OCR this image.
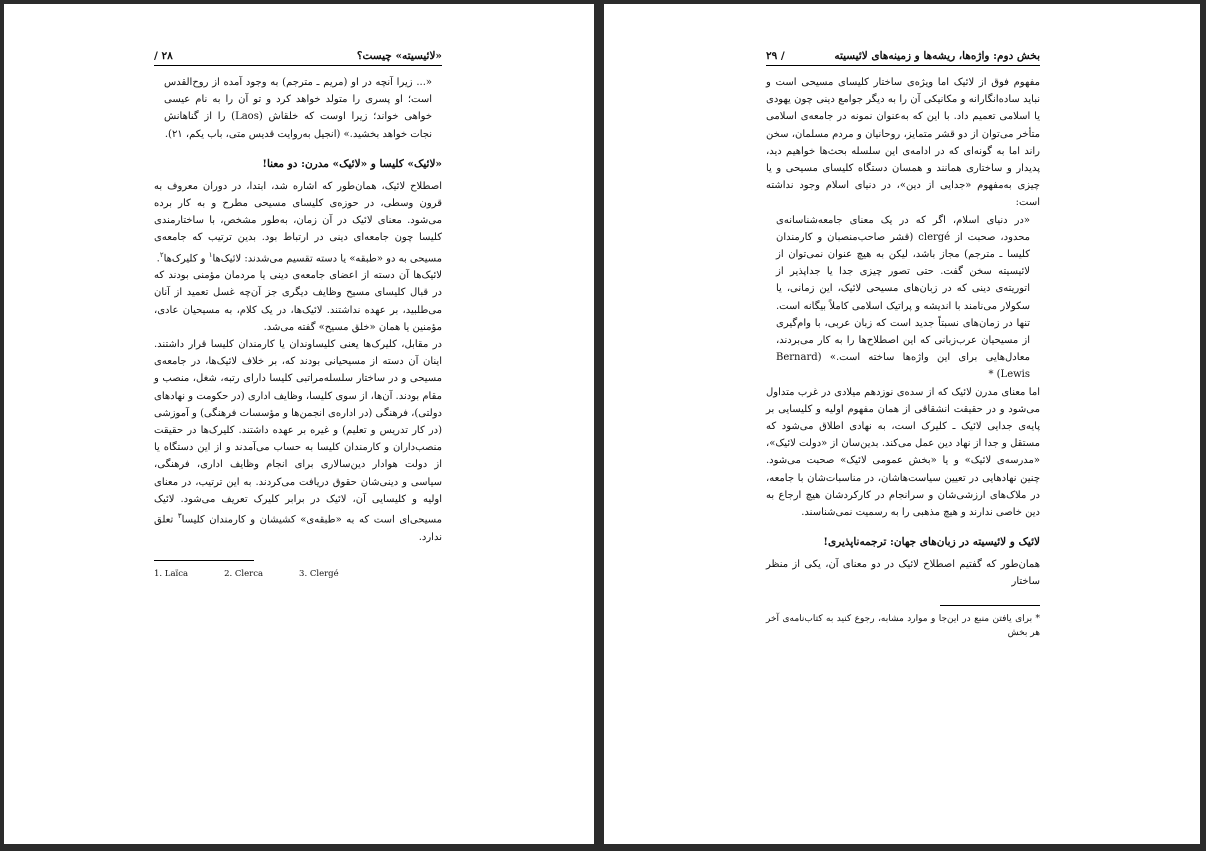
«لائیسیته» چیست؟
۲۸ /

«... زیرا آنچه در او (مریم ـ مترجم) به وجود آمده از روح‌القدس است؛ او پسری را متولد خواهد کرد و تو آن را به نام عیسی خواهی خواند؛ زیرا اوست که خلقاش (Laos) را از گناهانش نجات خواهد بخشید.» (انجیل به‌روایت قدیس متی، باب یکم، ۲۱).

«لائیک» کلیسا و «لائیک» مدرن: دو معنا!

اصطلاح لائیک، همان‌طور که اشاره شد، ابتدا، در دوران معروف به قرون وسطی، در حوزه‌ی کلیسای مسیحی مطرح و به کار برده می‌شود. معنای لائیک در آن زمان، به‌طور مشخص، با ساختارمندی کلیسا چون جامعه‌ای دینی در ارتباط بود. بدین ترتیب که جامعه‌ی مسیحی به دو «طبقه» یا دسته تقسیم می‌شدند: لائیک‌ها$^۱$ و کلیرک‌ها$^۲$.

لائیک‌ها آن دسته از اعضای جامعه‌ی دینی یا مردمان مؤمنی بودند که در قبال کلیسای مسیح وظایف دیگری جز آن‌چه غسل تعمید از آنان می‌طلبید، بر عهده نداشتند. لائیک‌ها، در یک کلام، به مسیحیان عادی، مؤمنین یا همان «خلق مسیح» گفته می‌شد.

در مقابل، کلیرک‌ها یعنی کلیساوندان یا کارمندان کلیسا قرار داشتند. اینان آن دسته از مسیحیانی بودند که، بر خلاف لائیک‌ها، در جامعه‌ی مسیحی و در ساختار سلسله‌مراتبی کلیسا دارای رتبه، شغل، منصب و مقام بودند. آن‌ها، از سوی کلیسا، وظایف اداری (در حکومت و نهادهای دولتی)، فرهنگی (در اداره‌ی انجمن‌ها و مؤسسات فرهنگی) و آموزشی (در کار تدریس و تعلیم) و غیره بر عهده داشتند. کلیرک‌ها در حقیقت منصب‌داران و کارمندان کلیسا به حساب می‌آمدند و از این دستگاه یا از دولت هوادار دین‌سالاری برای انجام وظایف اداری، فرهنگی، سیاسی و دینی‌شان حقوق دریافت می‌کردند. به این ترتیب، در معنای اولیه و کلیسایی آن، لائیک در برابر کلیرک تعریف می‌شود. لائیک مسیحی‌ای است که به «طبقه‌ی» کشیشان و کارمندان کلیسا$^۳$ تعلق ندارد.

1. Laïca	2. Clerca	3. Clergé
بخش دوم: واژه‌ها، ریشه‌ها و زمینه‌های لائیسیته
/ ۲۹

مفهوم فوق از لائیک اما ویژه‌ی ساختار کلیسای مسیحی است و نباید ساده‌انگارانه و مکانیکی آن را به دیگر جوامع دینی چون یهودی یا اسلامی تعمیم داد. با این که به‌عنوان نمونه در جامعه‌ی اسلامی متأخر می‌توان از دو قشر متمایز، روحانیان و مردم مسلمان، سخن راند اما به گونه‌ای که در ادامه‌ی این سلسله بحث‌ها خواهیم دید، پدیدار و ساختاری همانند و همسان دستگاه کلیسای مسیحی و یا چیزی به‌مفهوم «جدایی از دین»، در دنیای اسلام وجود نداشته است:

«در دنیای اسلام، اگر که در یک معنای جامعه‌شناسانه‌ی محدود، صحبت از clergé (قشر صاحب‌منصبان و کارمندان کلیسا ـ مترجم) مجاز باشد، لیکن به هیچ عنوان نمی‌توان از لائیسیته سخن گفت. حتی تصور چیزی جدا یا جداپذیر از اتوریته‌ی دینی که در زبان‌های مسیحی لائیک، این زمانی، یا سکولار می‌نامند با اندیشه و پراتیک اسلامی کاملاً بیگانه است. تنها در زمان‌های نسبتاً جدید است که زبان عربی، با وام‌گیری از مسیحیان عرب‌زبانی که این اصطلاح‌ها را به کار می‌بردند، معادل‌هایی برای این واژه‌ها ساخته است.» (Bernard Lewis) *

اما معنای مدرن لائیک که از سده‌ی نوزدهم میلادی در غرب متداول می‌شود و در حقیقت انشقاقی از همان مفهوم اولیه و کلیسایی بر پایه‌ی جدایی لائیک ـ کلیرک است، به نهادی اطلاق می‌شود که مستقل و جدا از نهاد دین عمل می‌کند. بدین‌سان از «دولت لائیک»، «مدرسه‌ی لائیک» و یا «بخش عمومی لائیک» صحبت می‌شود. چنین نهادهایی در تعیین سیاست‌هاشان، در مناسبات‌شان با جامعه، در ملاک‌های ارزشی‌شان و سرانجام در کارکردشان هیچ ارجاع به دین خاصی ندارند و هیچ مذهبی را به رسمیت نمی‌شناسند.

لائیک و لائیسیته در زبان‌های جهان: ترجمه‌ناپذیری!

همان‌طور که گفتیم اصطلاح لائیک در دو معنای آن، یکی از منظر ساختار

* برای یافتن منبع در این‌جا و موارد مشابه، رجوع کنید به کتاب‌نامه‌ی آخر هر بخش
